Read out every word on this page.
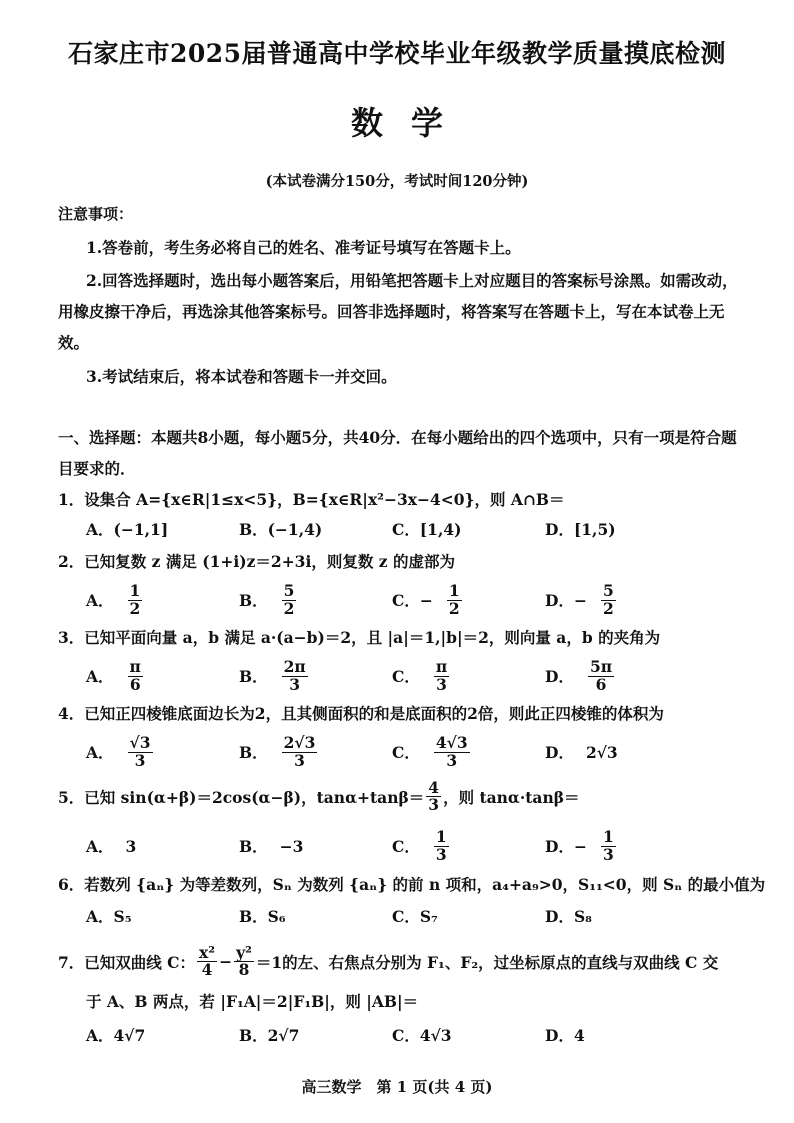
石家庄市2025届普通高中学校毕业年级教学质量摸底检测
数学
(本试卷满分150分，考试时间120分钟)
注意事项：
1.答卷前，考生务必将自己的姓名、准考证号填写在答题卡上。
2.回答选择题时，选出每小题答案后，用铅笔把答题卡上对应题目的答案标号涂黑。如需改动，用橡皮擦干净后，再选涂其他答案标号。回答非选择题时，将答案写在答题卡上，写在本试卷上无效。
3.考试结束后，将本试卷和答题卡一并交回。
一、选择题：本题共8小题，每小题5分，共40分．在每小题给出的四个选项中，只有一项是符合题目要求的．
1．设集合 A={x∈R|1≤x<5}，B={x∈R|x²−3x−4<0}，则 A∩B＝
A．(−1,1]	B．(−1,4)	C．[1,4)	D．[1,5)
2．已知复数 z 满足 (1+i)z＝2+3i，则复数 z 的虚部为
A． $\frac{1}{2}$	B． $\frac{5}{2}$	C．− $\frac{1}{2}$	D．− $\frac{5}{2}$
3．已知平面向量 a，b 满足 a·(a−b)＝2，且 |a|＝1,|b|＝2，则向量 a，b 的夹角为
A． $\frac{\pi}{6}$	B． $\frac{2\pi}{3}$	C． $\frac{\pi}{3}$	D． $\frac{5\pi}{6}$
4．已知正四棱锥底面边长为2，且其侧面积的和是底面积的2倍，则此正四棱锥的体积为
A． $\frac{√3}{3}$	B． $\frac{2√3}{3}$	C． $\frac{4√3}{3}$	D． 2√3
5．已知 sin(α+β)＝2cos(α−β)，$\tan\alpha+\tan\beta= \frac{4}{3}$ ，则 tanα·tanβ＝
A． 3	B． −3	C． $\frac{1}{3}$	D．− $\frac{1}{3}$
6．若数列 {aₙ} 为等差数列，Sₙ 为数列 {aₙ} 的前 n 项和，a₄+a₉>0，S₁₁<0，则 Sₙ 的最小值为
A．S₅	B．S₆	C．S₇	D．S₈
7．已知双曲线 C： $\frac{\text{x²}}{4} - \frac{\text{y²}}{8} =1$的左、右焦点分别为 F₁、F₂，过坐标原点的直线与双曲线 C 交
于 A、B 两点，若 |F₁A|＝2|F₁B|，则 |AB|＝
A．4√7	B．2√7	C．4√3	D．4
高三数学　第 1 页(共 4 页)
